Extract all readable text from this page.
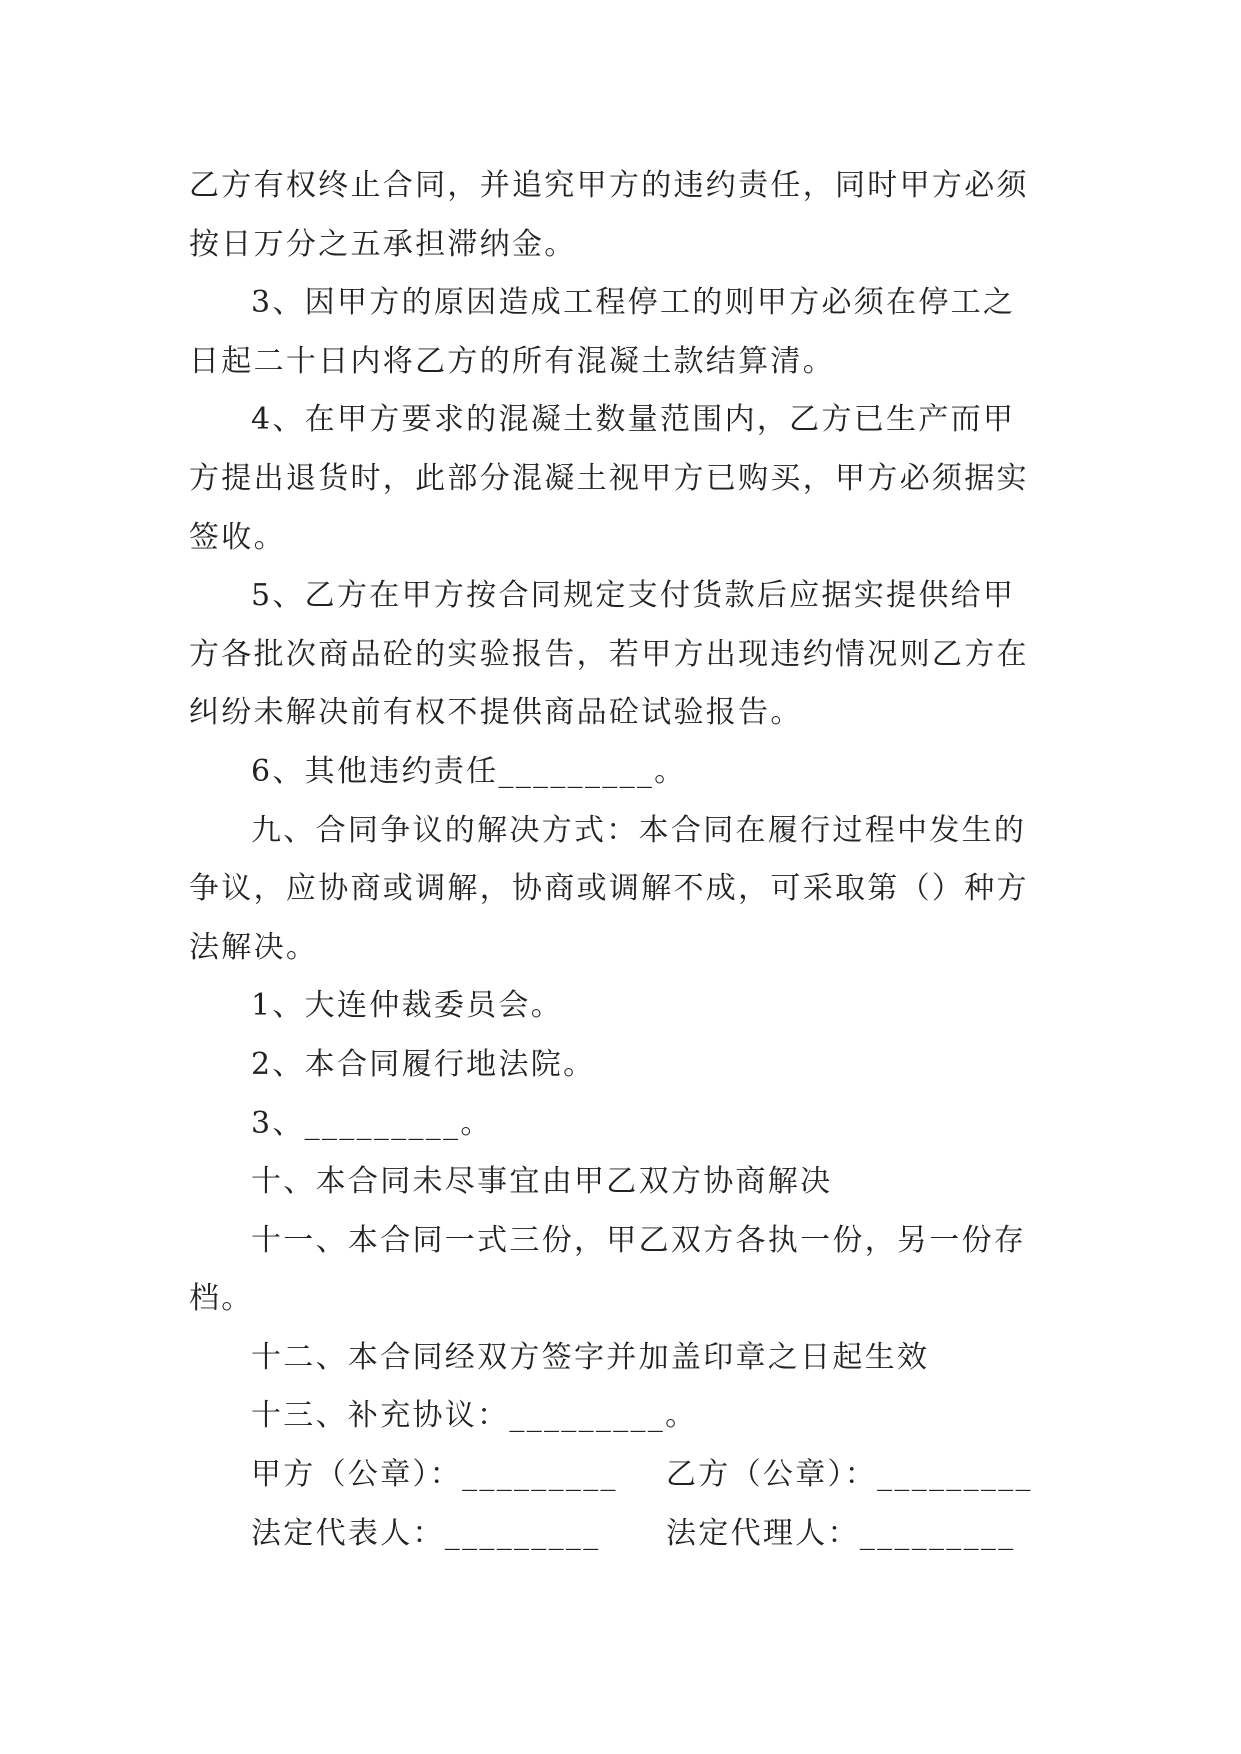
乙方有权终止合同，并追究甲方的违约责任，同时甲方必须
按日万分之五承担滞纳金。
3、因甲方的原因造成工程停工的则甲方必须在停工之
日起二十日内将乙方的所有混凝土款结算清。
4、在甲方要求的混凝土数量范围内，乙方已生产而甲
方提出退货时，此部分混凝土视甲方已购买，甲方必须据实
签收。
5、乙方在甲方按合同规定支付货款后应据实提供给甲
方各批次商品砼的实验报告，若甲方出现违约情况则乙方在
纠纷未解决前有权不提供商品砼试验报告。
6、其他违约责任_________。
九、合同争议的解决方式：本合同在履行过程中发生的
争议，应协商或调解，协商或调解不成，可采取第（）种方
法解决。
1、大连仲裁委员会。
2、本合同履行地法院。
3、_________。
十、本合同未尽事宜由甲乙双方协商解决
十一、本合同一式三份，甲乙双方各执一份，另一份存
档。
十二、本合同经双方签字并加盖印章之日起生效
十三、补充协议：_________。
甲方（公章）：_________	乙方（公章）：_________
法定代表人：_________	法定代理人：_________
